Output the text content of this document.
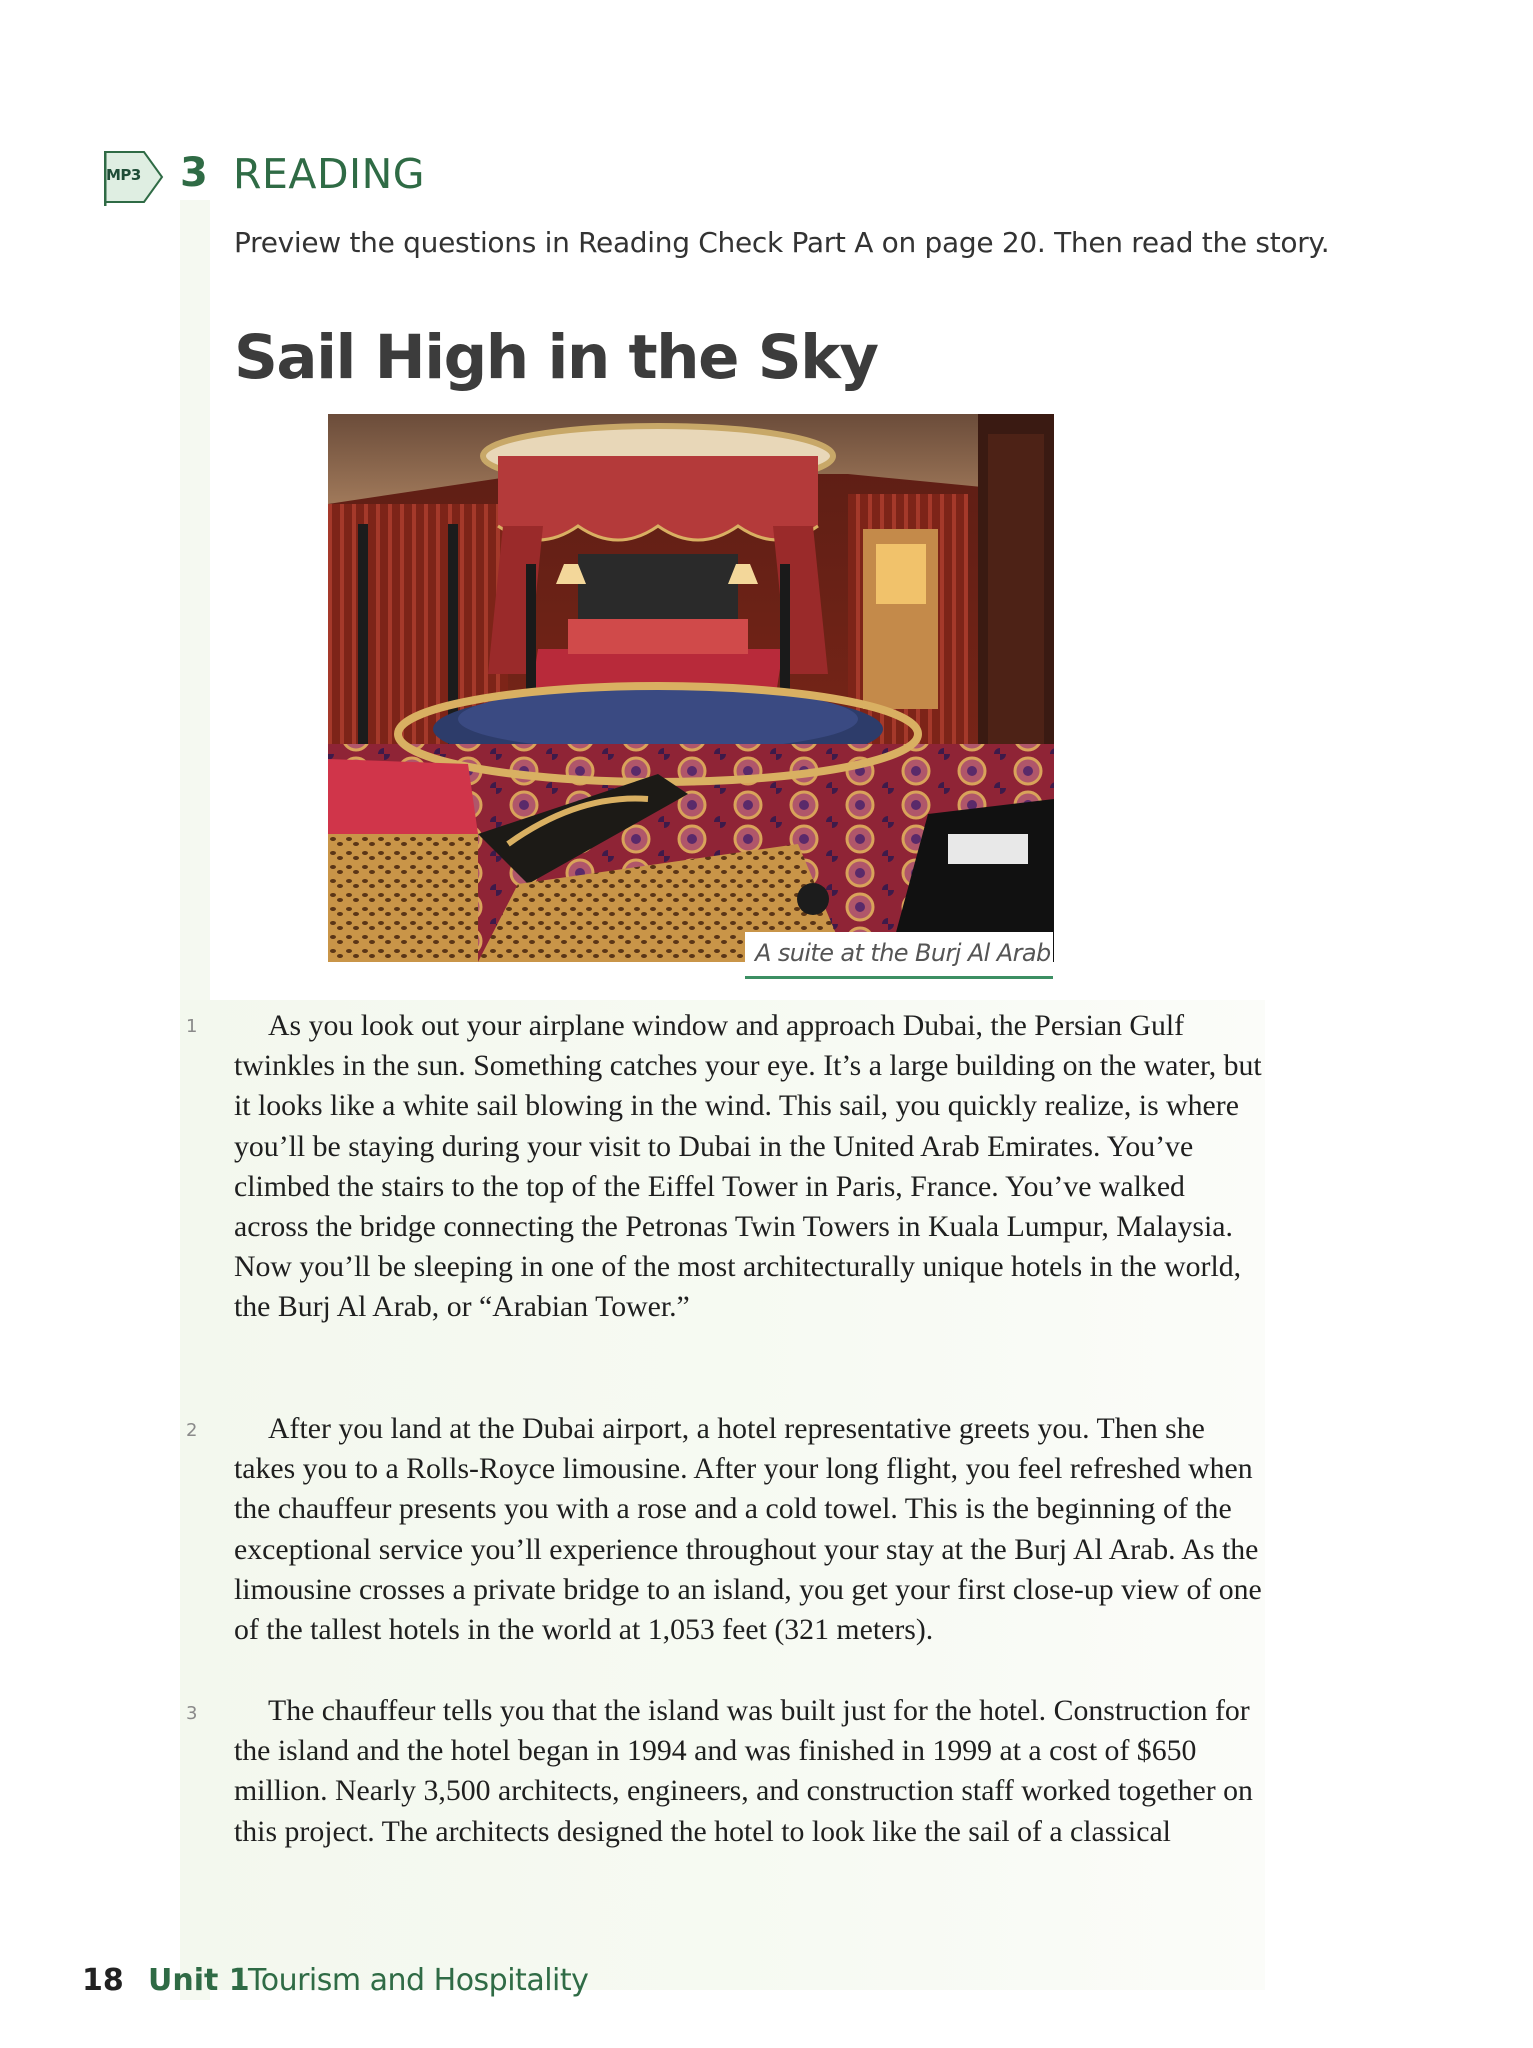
MP3 3 READING
Preview the questions in Reading Check Part A on page 20. Then read the story.
Sail High in the Sky
A suite at the Burj Al Arab
1
2
3

As you look out your airplane window and approach Dubai, the Persian Gulf twinkles in the sun. Something catches your eye. It’s a large building on the water, but it looks like a white sail blowing in the wind. This sail, you quickly realize, is where you’ll be staying during your visit to Dubai in the United Arab Emirates. You’ve climbed the stairs to the top of the Eiffel Tower in Paris, France. You’ve walked across the bridge connecting the Petronas Twin Towers in Kuala Lumpur, Malaysia. Now you’ll be sleeping in one of the most architecturally unique hotels in the world, the Burj Al Arab, or “Arabian Tower.”

After you land at the Dubai airport, a hotel representative greets you. Then she takes you to a Rolls-Royce limousine. After your long flight, you feel refreshed when the chauffeur presents you with a rose and a cold towel. This is the beginning of the exceptional service you’ll experience throughout your stay at the Burj Al Arab. As the limousine crosses a private bridge to an island, you get your first close-up view of one of the tallest hotels in the world at 1,053 feet (321 meters).

The chauffeur tells you that the island was built just for the hotel. Construction for the island and the hotel began in 1994 and was finished in 1999 at a cost of $650 million. Nearly 3,500 architects, engineers, and construction staff worked together on this project. The architects designed the hotel to look like the sail of a classical

18 Unit 1
Tourism and Hospitality
